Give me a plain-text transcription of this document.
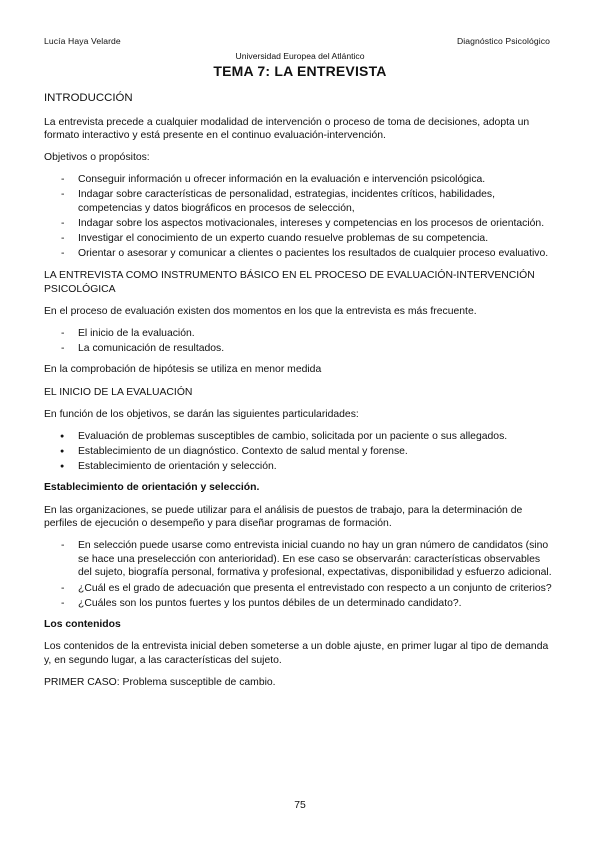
Lucía Haya Velarde	Diagnóstico Psicológico
Universidad Europea del Atlántico
TEMA 7: LA ENTREVISTA

INTRODUCCIÓN

La entrevista precede a cualquier modalidad de intervención o proceso de toma de decisiones, adopta un formato interactivo y está presente en el continuo evaluación-intervención.

Objetivos o propósitos:

- Conseguir información u ofrecer información en la evaluación e intervención psicológica.
- Indagar sobre características de personalidad, estrategias, incidentes críticos, habilidades, competencias y datos biográficos en procesos de selección,
- Indagar sobre los aspectos motivacionales, intereses y competencias en los procesos de orientación.
- Investigar el conocimiento de un experto cuando resuelve problemas de su competencia.
- Orientar o asesorar y comunicar a clientes o pacientes los resultados de cualquier proceso evaluativo.

LA ENTREVISTA COMO INSTRUMENTO BÁSICO EN EL PROCESO DE EVALUACIÓN-INTERVENCIÓN PSICOLÓGICA

En el proceso de evaluación existen dos momentos en los que la entrevista es más frecuente.

- El inicio de la evaluación.
- La comunicación de resultados.

En la comprobación de hipótesis se utiliza en menor medida

EL INICIO DE LA EVALUACIÓN

En función de los objetivos, se darán las siguientes particularidades:

● Evaluación de problemas susceptibles de cambio, solicitada por un paciente o sus allegados.
● Establecimiento de un diagnóstico. Contexto de salud mental y forense.
● Establecimiento de orientación y selección.

Establecimiento de orientación y selección.

En las organizaciones, se puede utilizar para el análisis de puestos de trabajo, para la determinación de perfiles de ejecución o desempeño y para diseñar programas de formación.

- En selección puede usarse como entrevista inicial cuando no hay un gran número de candidatos (sino se hace una preselección con anterioridad). En ese caso se observarán: características observables del sujeto, biografía personal, formativa y profesional, expectativas, disponibilidad y esfuerzo adicional.
- ¿Cuál es el grado de adecuación que presenta el entrevistado con respecto a un conjunto de criterios?
- ¿Cuáles son los puntos fuertes y los puntos débiles de un determinado candidato?.

Los contenidos

Los contenidos de la entrevista inicial deben someterse a un doble ajuste, en primer lugar al tipo de demanda y, en segundo lugar, a las características del sujeto.

PRIMER CASO: Problema susceptible de cambio.

75
